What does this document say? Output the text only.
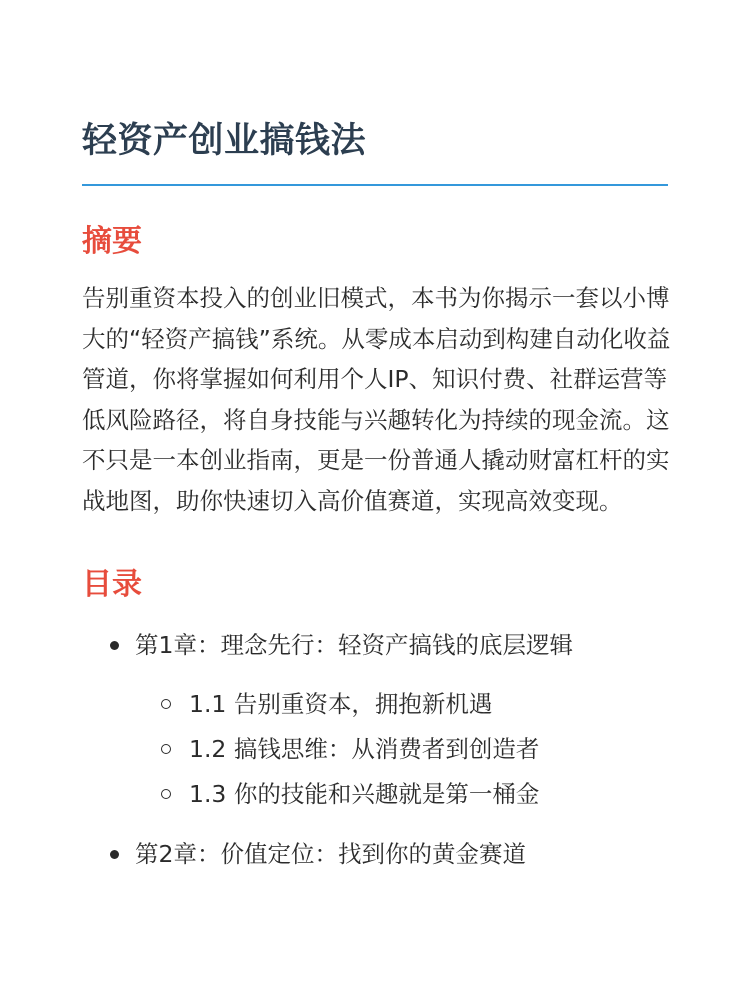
轻资产创业搞钱法
摘要

告别重资本投入的创业旧模式，本书为你揭示一套以小博大的“轻资产搞钱”系统。从零成本启动到构建自动化收益管道，你将掌握如何利用个人IP、知识付费、社群运营等低风险路径，将自身技能与兴趣转化为持续的现金流。这不只是一本创业指南，更是一份普通人撬动财富杠杆的实战地图，助你快速切入高价值赛道，实现高效变现。

目录
第1章：理念先行：轻资产搞钱的底层逻辑
1.1 告别重资本，拥抱新机遇
1.2 搞钱思维：从消费者到创造者
1.3 你的技能和兴趣就是第一桶金
第2章：价值定位：找到你的黄金赛道
